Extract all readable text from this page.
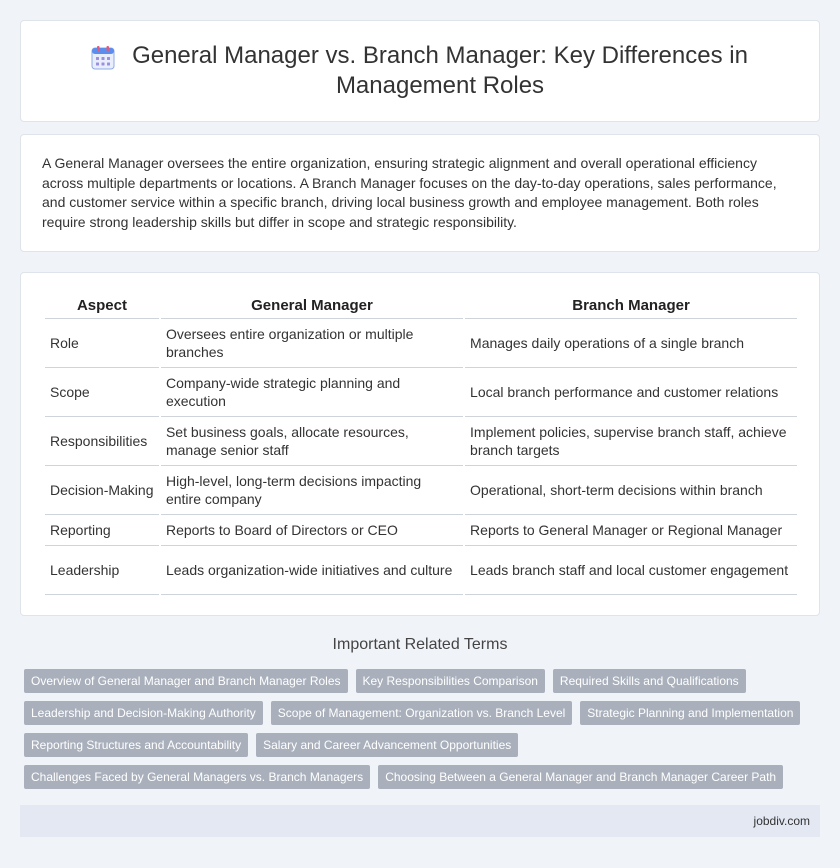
General Manager vs. Branch Manager: Key Differences in Management Roles

A General Manager oversees the entire organization, ensuring strategic alignment and overall operational efficiency across multiple departments or locations. A Branch Manager focuses on the day-to-day operations, sales performance, and customer service within a specific branch, driving local business growth and employee management. Both roles require strong leadership skills but differ in scope and strategic responsibility.

Aspect	General Manager	Branch Manager
Role	Oversees entire organization or multiple branches	Manages daily operations of a single branch
Scope	Company-wide strategic planning and execution	Local branch performance and customer relations
Responsibilities	Set business goals, allocate resources, manage senior staff	Implement policies, supervise branch staff, achieve branch targets
Decision-Making	High-level, long-term decisions impacting entire company	Operational, short-term decisions within branch
Reporting	Reports to Board of Directors or CEO	Reports to General Manager or Regional Manager
Leadership	Leads organization-wide initiatives and culture	Leads branch staff and local customer engagement
Important Related Terms
Overview of General Manager and Branch Manager Roles	Key Responsibilities Comparison	Required Skills and Qualifications
Leadership and Decision-Making Authority	Scope of Management: Organization vs. Branch Level	Strategic Planning and Implementation
Reporting Structures and Accountability	Salary and Career Advancement Opportunities
Challenges Faced by General Managers vs. Branch Managers	Choosing Between a General Manager and Branch Manager Career Path
jobdiv.com
